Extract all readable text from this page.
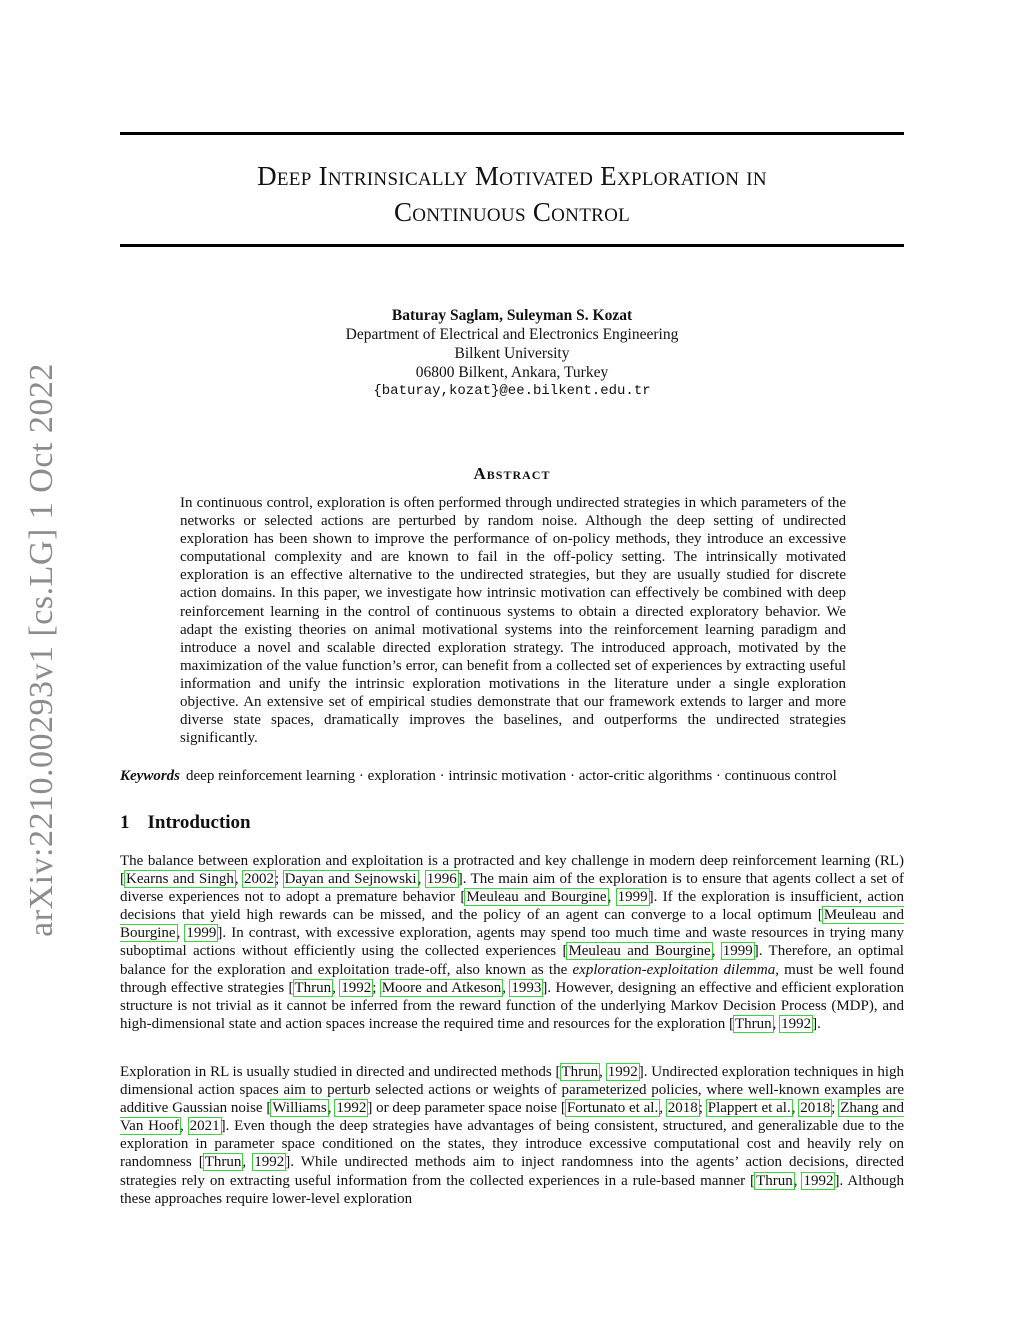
arXiv:2210.00293v1 [cs.LG] 1 Oct 2022
Deep Intrinsically Motivated Exploration in
Continuous Control
Baturay Saglam, Suleyman S. Kozat
Department of Electrical and Electronics Engineering
Bilkent University
06800 Bilkent, Ankara, Turkey
{baturay,kozat}@ee.bilkent.edu.tr
Abstract

In continuous control, exploration is often performed through undirected strategies in which parameters of the networks or selected actions are perturbed by random noise. Although the deep setting of undirected exploration has been shown to improve the performance of on-policy methods, they introduce an excessive computational complexity and are known to fail in the off-policy setting. The intrinsically motivated exploration is an effective alternative to the undirected strategies, but they are usually studied for discrete action domains. In this paper, we investigate how intrinsic motivation can effectively be combined with deep reinforcement learning in the control of continuous systems to obtain a directed exploratory behavior. We adapt the existing theories on animal motivational systems into the reinforcement learning paradigm and introduce a novel and scalable directed exploration strategy. The introduced approach, motivated by the maximization of the value function’s error, can benefit from a collected set of experiences by extracting useful information and unify the intrinsic exploration motivations in the literature under a single exploration objective. An extensive set of empirical studies demonstrate that our framework extends to larger and more diverse state spaces, dramatically improves the baselines, and outperforms the undirected strategies significantly.

Keywords deep reinforcement learning · exploration · intrinsic motivation · actor-critic algorithms · continuous control

1 Introduction

The balance between exploration and exploitation is a protracted and key challenge in modern deep reinforcement learning (RL) [Kearns and Singh, 2002; Dayan and Sejnowski, 1996]. The main aim of the exploration is to ensure that agents collect a set of diverse experiences not to adopt a premature behavior [Meuleau and Bourgine, 1999]. If the exploration is insufficient, action decisions that yield high rewards can be missed, and the policy of an agent can converge to a local optimum [Meuleau and Bourgine, 1999]. In contrast, with excessive exploration, agents may spend too much time and waste resources in trying many suboptimal actions without efficiently using the collected experiences [Meuleau and Bourgine, 1999]. Therefore, an optimal balance for the exploration and exploitation trade-off, also known as the exploration-exploitation dilemma, must be well found through effective strategies [Thrun, 1992; Moore and Atkeson, 1993]. However, designing an effective and efficient exploration structure is not trivial as it cannot be inferred from the reward function of the underlying Markov Decision Process (MDP), and high-dimensional state and action spaces increase the required time and resources for the exploration [Thrun, 1992].

Exploration in RL is usually studied in directed and undirected methods [Thrun, 1992]. Undirected exploration techniques in high dimensional action spaces aim to perturb selected actions or weights of parameterized policies, where well-known examples are additive Gaussian noise [Williams, 1992] or deep parameter space noise [Fortunato et al., 2018; Plappert et al., 2018; Zhang and Van Hoof, 2021]. Even though the deep strategies have advantages of being consistent, structured, and generalizable due to the exploration in parameter space conditioned on the states, they introduce excessive computational cost and heavily rely on randomness [Thrun, 1992]. While undirected methods aim to inject randomness into the agents’ action decisions, directed strategies rely on extracting useful information from the collected experiences in a rule-based manner [Thrun, 1992]. Although these approaches require lower-level exploration
